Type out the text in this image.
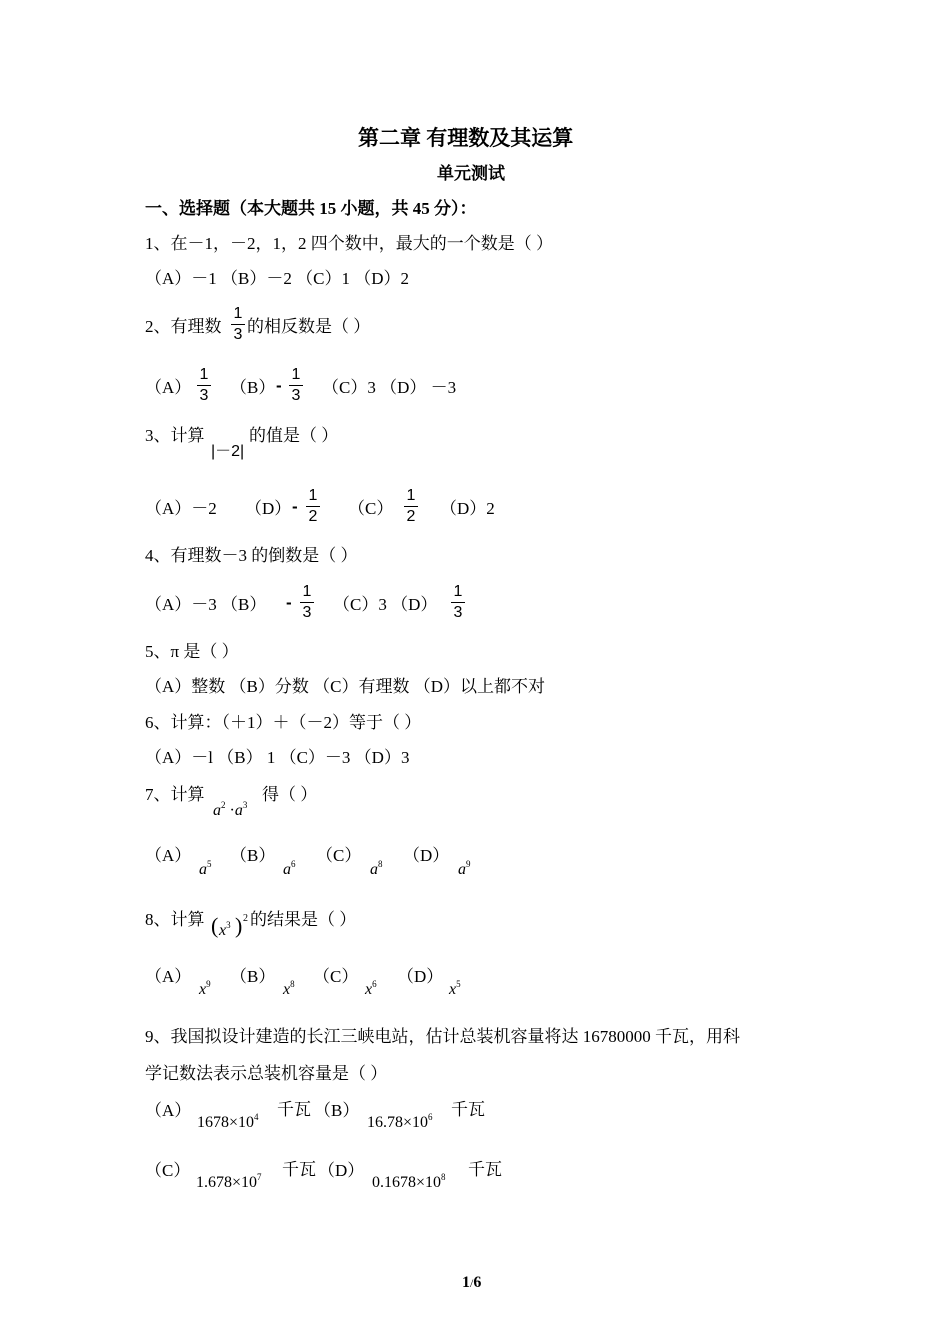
第二章 有理数及其运算
单元测试
一、选择题（本大题共 15 小题，共 45 分）：
1、在－1，－2，1，2 四个数中，最大的一个数是（ ）
（A）－1 （B）－2 （C）1 （D）2
2、有理数
1
3 的相反数是（ ）
（A）
1
3 （B） -
1
3 （C）3 （D） －3
3、计算
|－2|
的值是（ ）
（A）－2 （D） -
1
2 （C）
1
2 （D）2
4、有理数－3 的倒数是（ ）
（A）－3 （B） -
1
3 （C）3 （D）
1
3
5、π 是（ ）
（A）整数 （B）分数 （C）有理数 （D）以上都不对
6、计算：（＋1）＋（－2）等于（ ）
（A）－l （B） 1 （C）－3 （D）3
7、计算
$a^2 \cdot a^3$
得（ ）
（A）
$a^5$ （B）
$a^6$ （C）
$a^8$ （D）
$a^9$
8、计算 ( $x^3$ ) 2 的结果是（ ）
（A）
$x^9$ （B）
$x^8$ （C）
$x^6$ （D）
$x^5$
9、我国拟设计建造的长江三峡电站，估计总装机容量将达 16780000 千瓦，用科
学记数法表示总装机容量是（ ）
（A）
$1678\times 10^4$ 千瓦 （B）
$16.78\times 10^6$ 千瓦
（C）
$1.678\times 10^7$ 千瓦 （D）
$0.1678\times 10^8$ 千瓦
1/6
